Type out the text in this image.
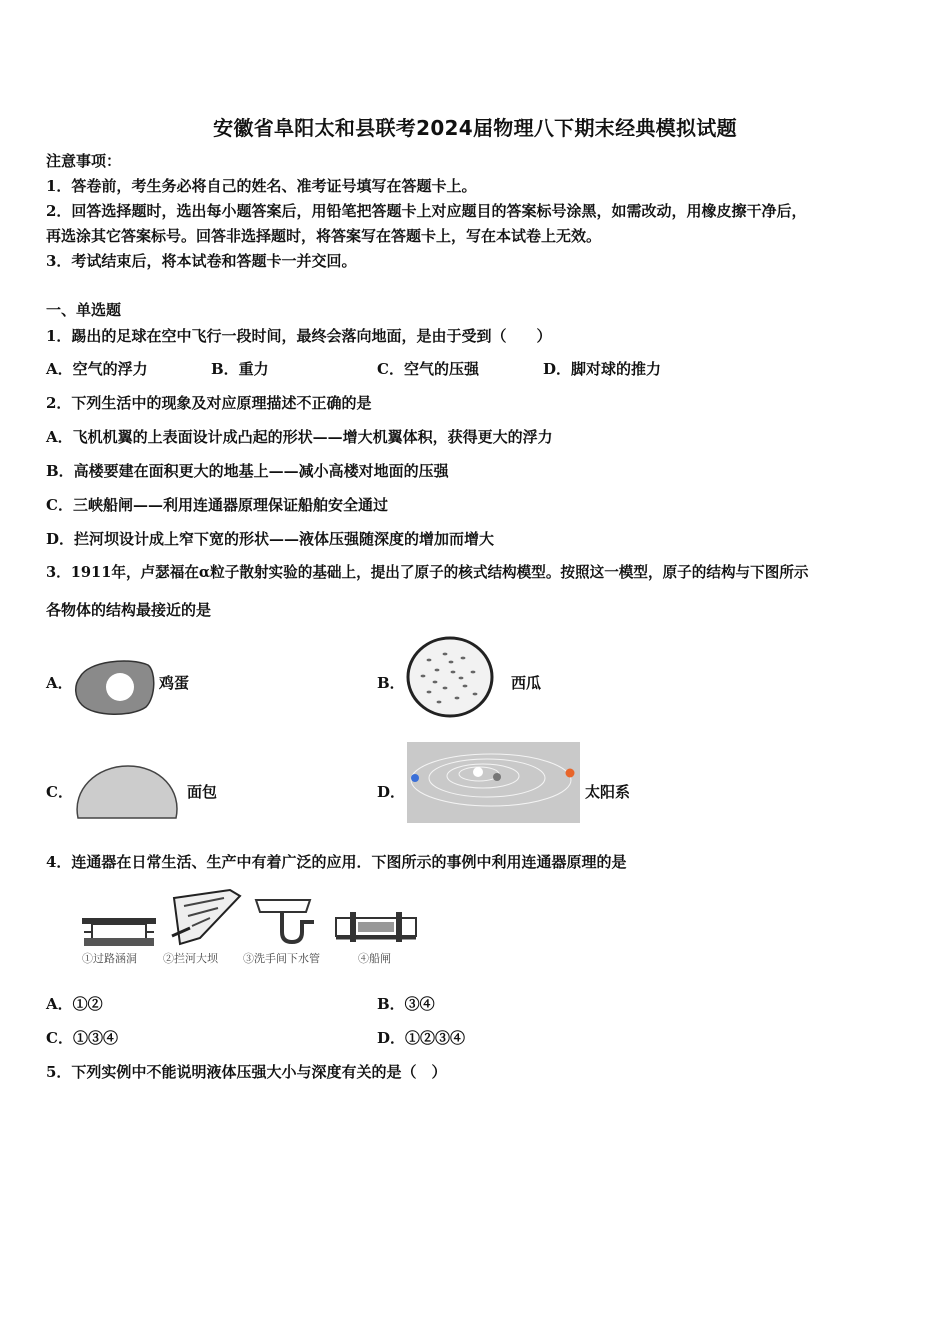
安徽省阜阳太和县联考2024届物理八下期末经典模拟试题
注意事项：
1．答卷前，考生务必将自己的姓名、准考证号填写在答题卡上。
2．回答选择题时，选出每小题答案后，用铅笔把答题卡上对应题目的答案标号涂黑，如需改动，用橡皮擦干净后，
再选涂其它答案标号。回答非选择题时，将答案写在答题卡上，写在本试卷上无效。
3．考试结束后，将本试卷和答题卡一并交回。
一、单选题
1．踢出的足球在空中飞行一段时间，最终会落向地面，是由于受到（　　）
A．空气的浮力	B．重力	C．空气的压强	D．脚对球的推力
2．下列生活中的现象及对应原理描述不正确的是
A．飞机机翼的上表面设计成凸起的形状——增大机翼体积，获得更大的浮力
B．高楼要建在面积更大的地基上——减小高楼对地面的压强
C．三峡船闸——利用连通器原理保证船舶安全通过
D．拦河坝设计成上窄下宽的形状——液体压强随深度的增加而增大
3．1911年，卢瑟福在α粒子散射实验的基础上，提出了原子的核式结构模型。按照这一模型，原子的结构与下图所示
各物体的结构最接近的是
A．	鸡蛋	B．	西瓜
C．	面包	D．	太阳系
4．连通器在日常生活、生产中有着广泛的应用．下图所示的事例中利用连通器原理的是
①过路涵洞 ②拦河大坝 ③洗手间下水管	④船闸
A．①②	B．③④
C．①③④	D．①②③④
5．下列实例中不能说明液体压强大小与深度有关的是（　）
